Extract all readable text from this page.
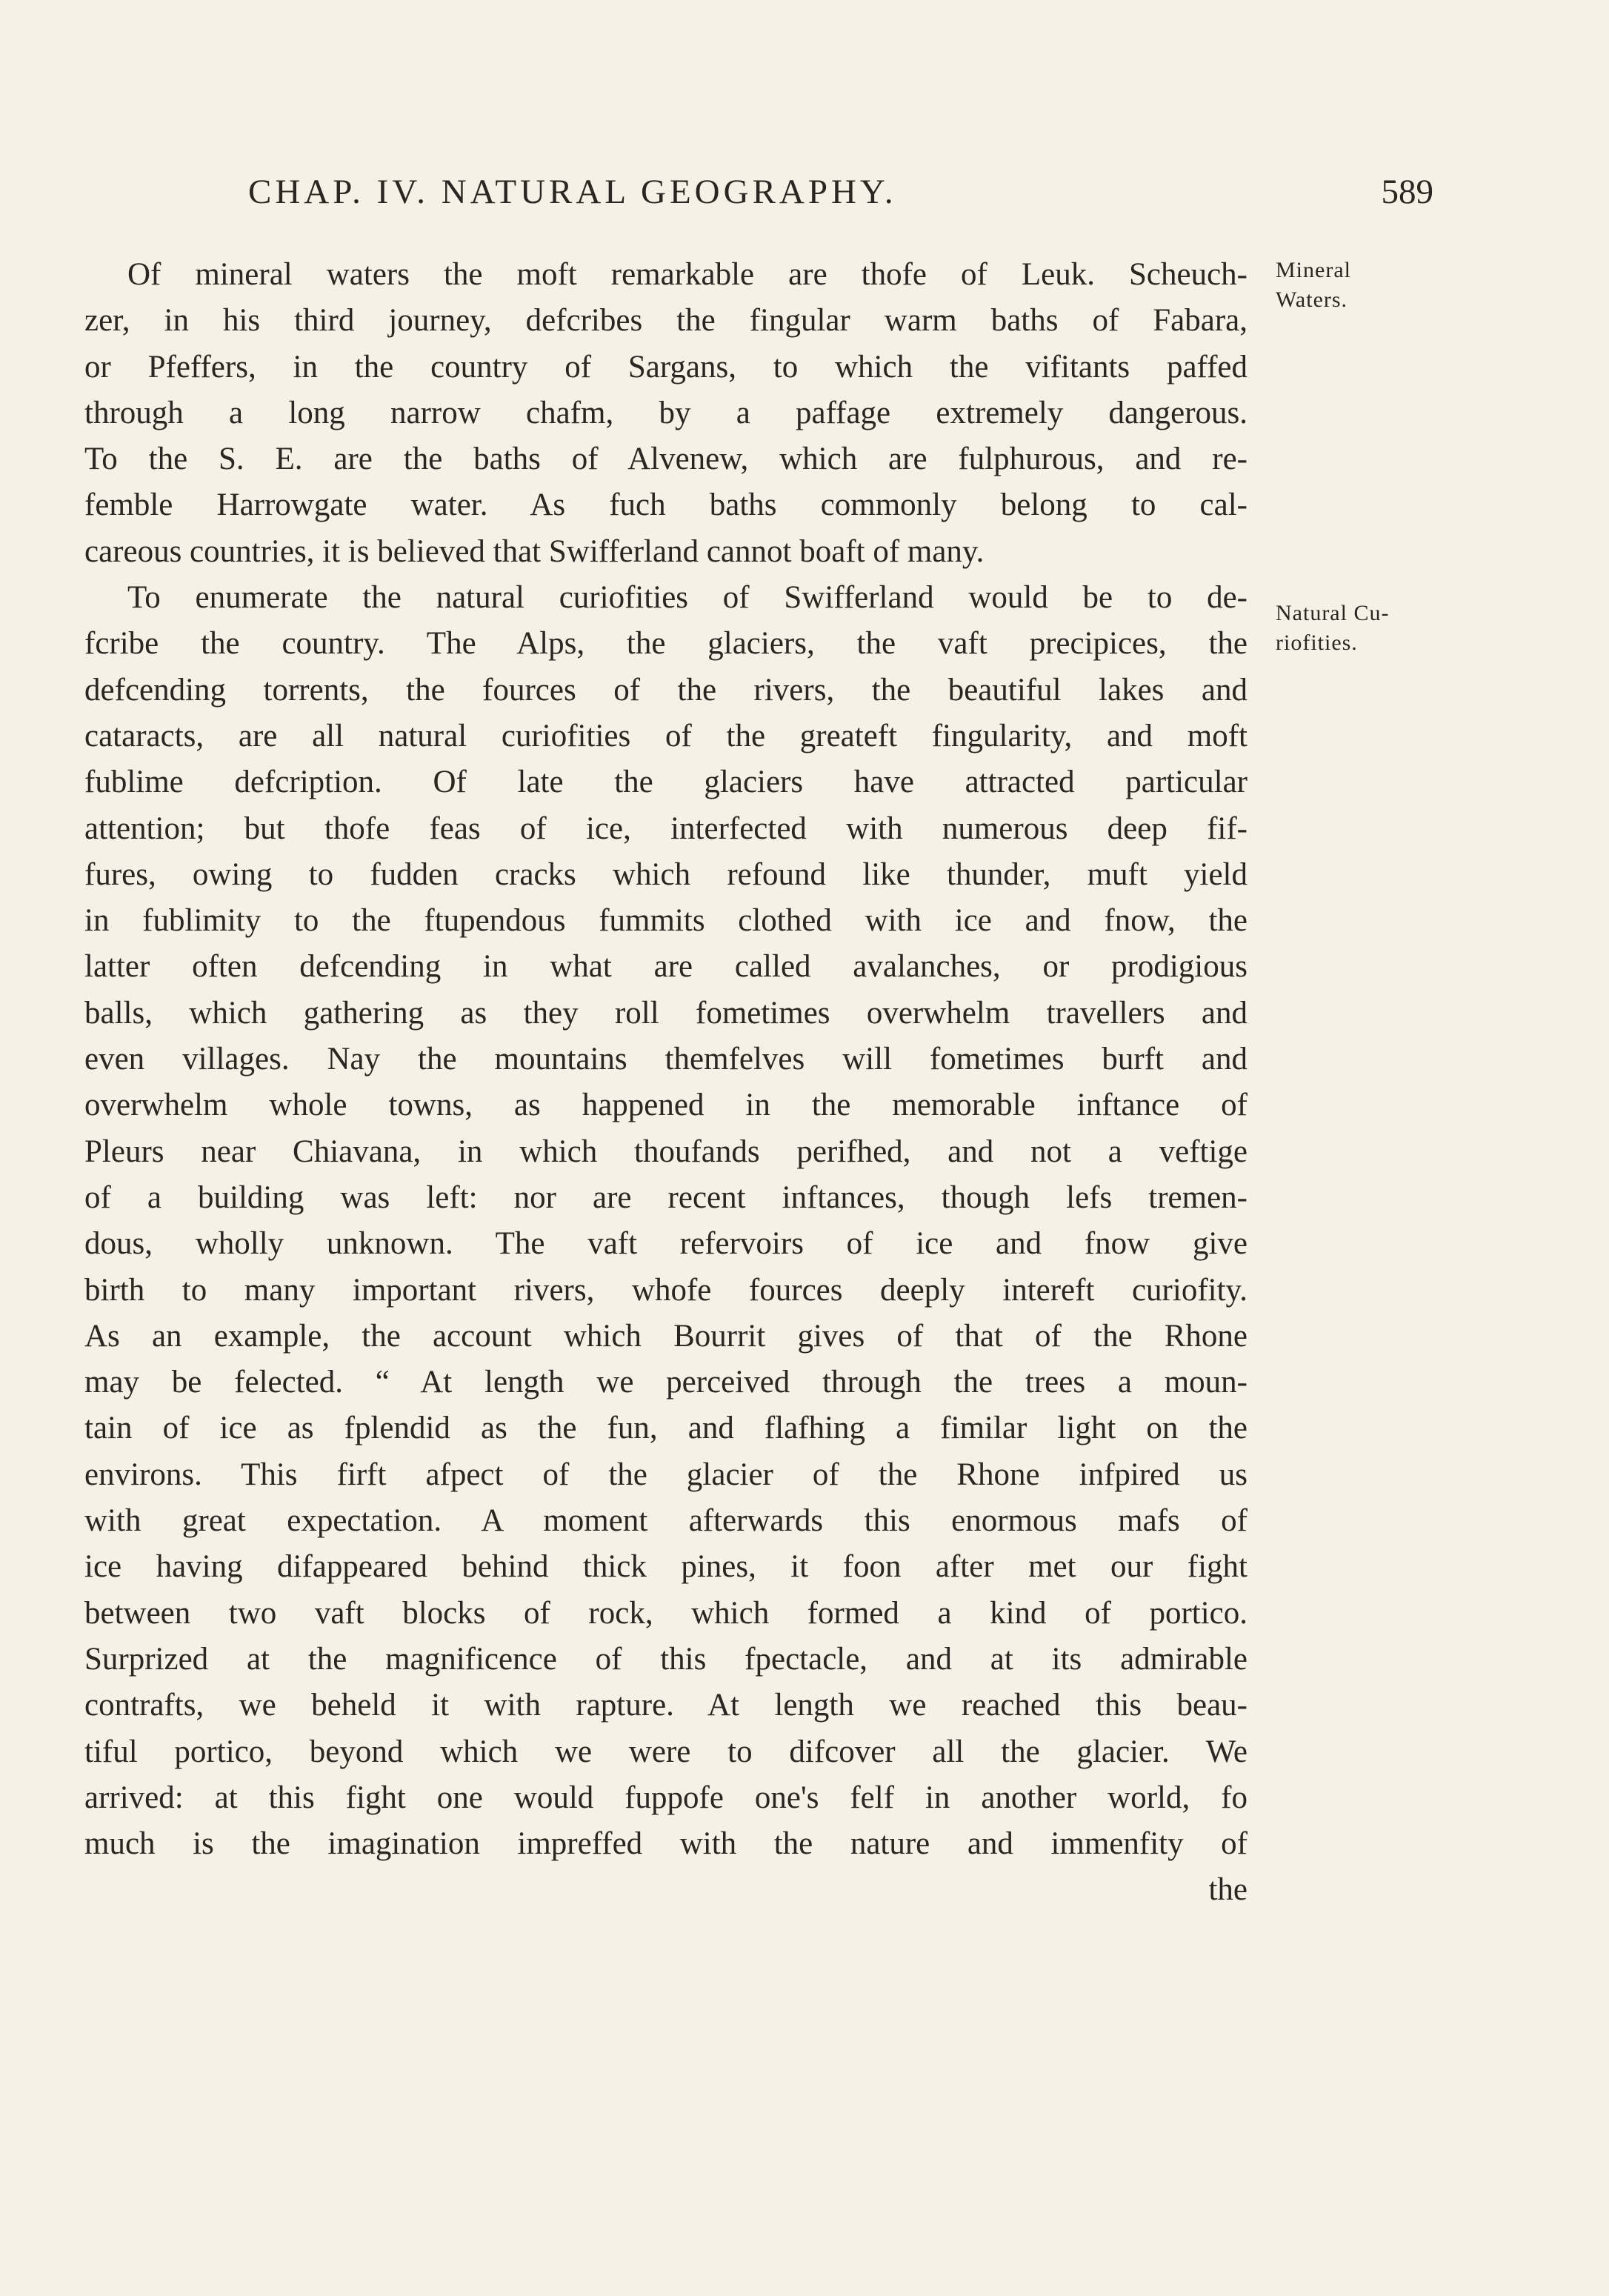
CHAP. IV. NATURAL GEOGRAPHY.	589
Mineral
Waters.
Natural Cu-
riofities.
Of mineral waters the moft remarkable are thofe of Leuk. Scheuch-
zer, in his third journey, defcribes the fingular warm baths of Fabara,
or Pfeffers, in the country of Sargans, to which the vifitants paffed
through a long narrow chafm, by a paffage extremely dangerous.
To the S. E. are the baths of Alvenew, which are fulphurous, and re-
femble Harrowgate water. As fuch baths commonly belong to cal-
careous countries, it is believed that Swifferland cannot boaft of many.
To enumerate the natural curiofities of Swifferland would be to de-
fcribe the country. The Alps, the glaciers, the vaft precipices, the
defcending torrents, the fources of the rivers, the beautiful lakes and
cataracts, are all natural curiofities of the greateft fingularity, and moft
fublime defcription. Of late the glaciers have attracted particular
attention; but thofe feas of ice, interfected with numerous deep fif-
fures, owing to fudden cracks which refound like thunder, muft yield
in fublimity to the ftupendous fummits clothed with ice and fnow, the
latter often defcending in what are called avalanches, or prodigious
balls, which gathering as they roll fometimes overwhelm travellers and
even villages. Nay the mountains themfelves will fometimes burft and
overwhelm whole towns, as happened in the memorable inftance of
Pleurs near Chiavana, in which thoufands perifhed, and not a veftige
of a building was left: nor are recent inftances, though lefs tremen-
dous, wholly unknown. The vaft refervoirs of ice and fnow give
birth to many important rivers, whofe fources deeply intereft curiofity.
As an example, the account which Bourrit gives of that of the Rhone
may be felected. “ At length we perceived through the trees a moun-
tain of ice as fplendid as the fun, and flafhing a fimilar light on the
environs. This firft afpect of the glacier of the Rhone infpired us
with great expectation. A moment afterwards this enormous mafs of
ice having difappeared behind thick pines, it foon after met our fight
between two vaft blocks of rock, which formed a kind of portico.
Surprized at the magnificence of this fpectacle, and at its admirable
contrafts, we beheld it with rapture. At length we reached this beau-
tiful portico, beyond which we were to difcover all the glacier. We
arrived: at this fight one would fuppofe one's felf in another world, fo
much is the imagination impreffed with the nature and immenfity of
the
